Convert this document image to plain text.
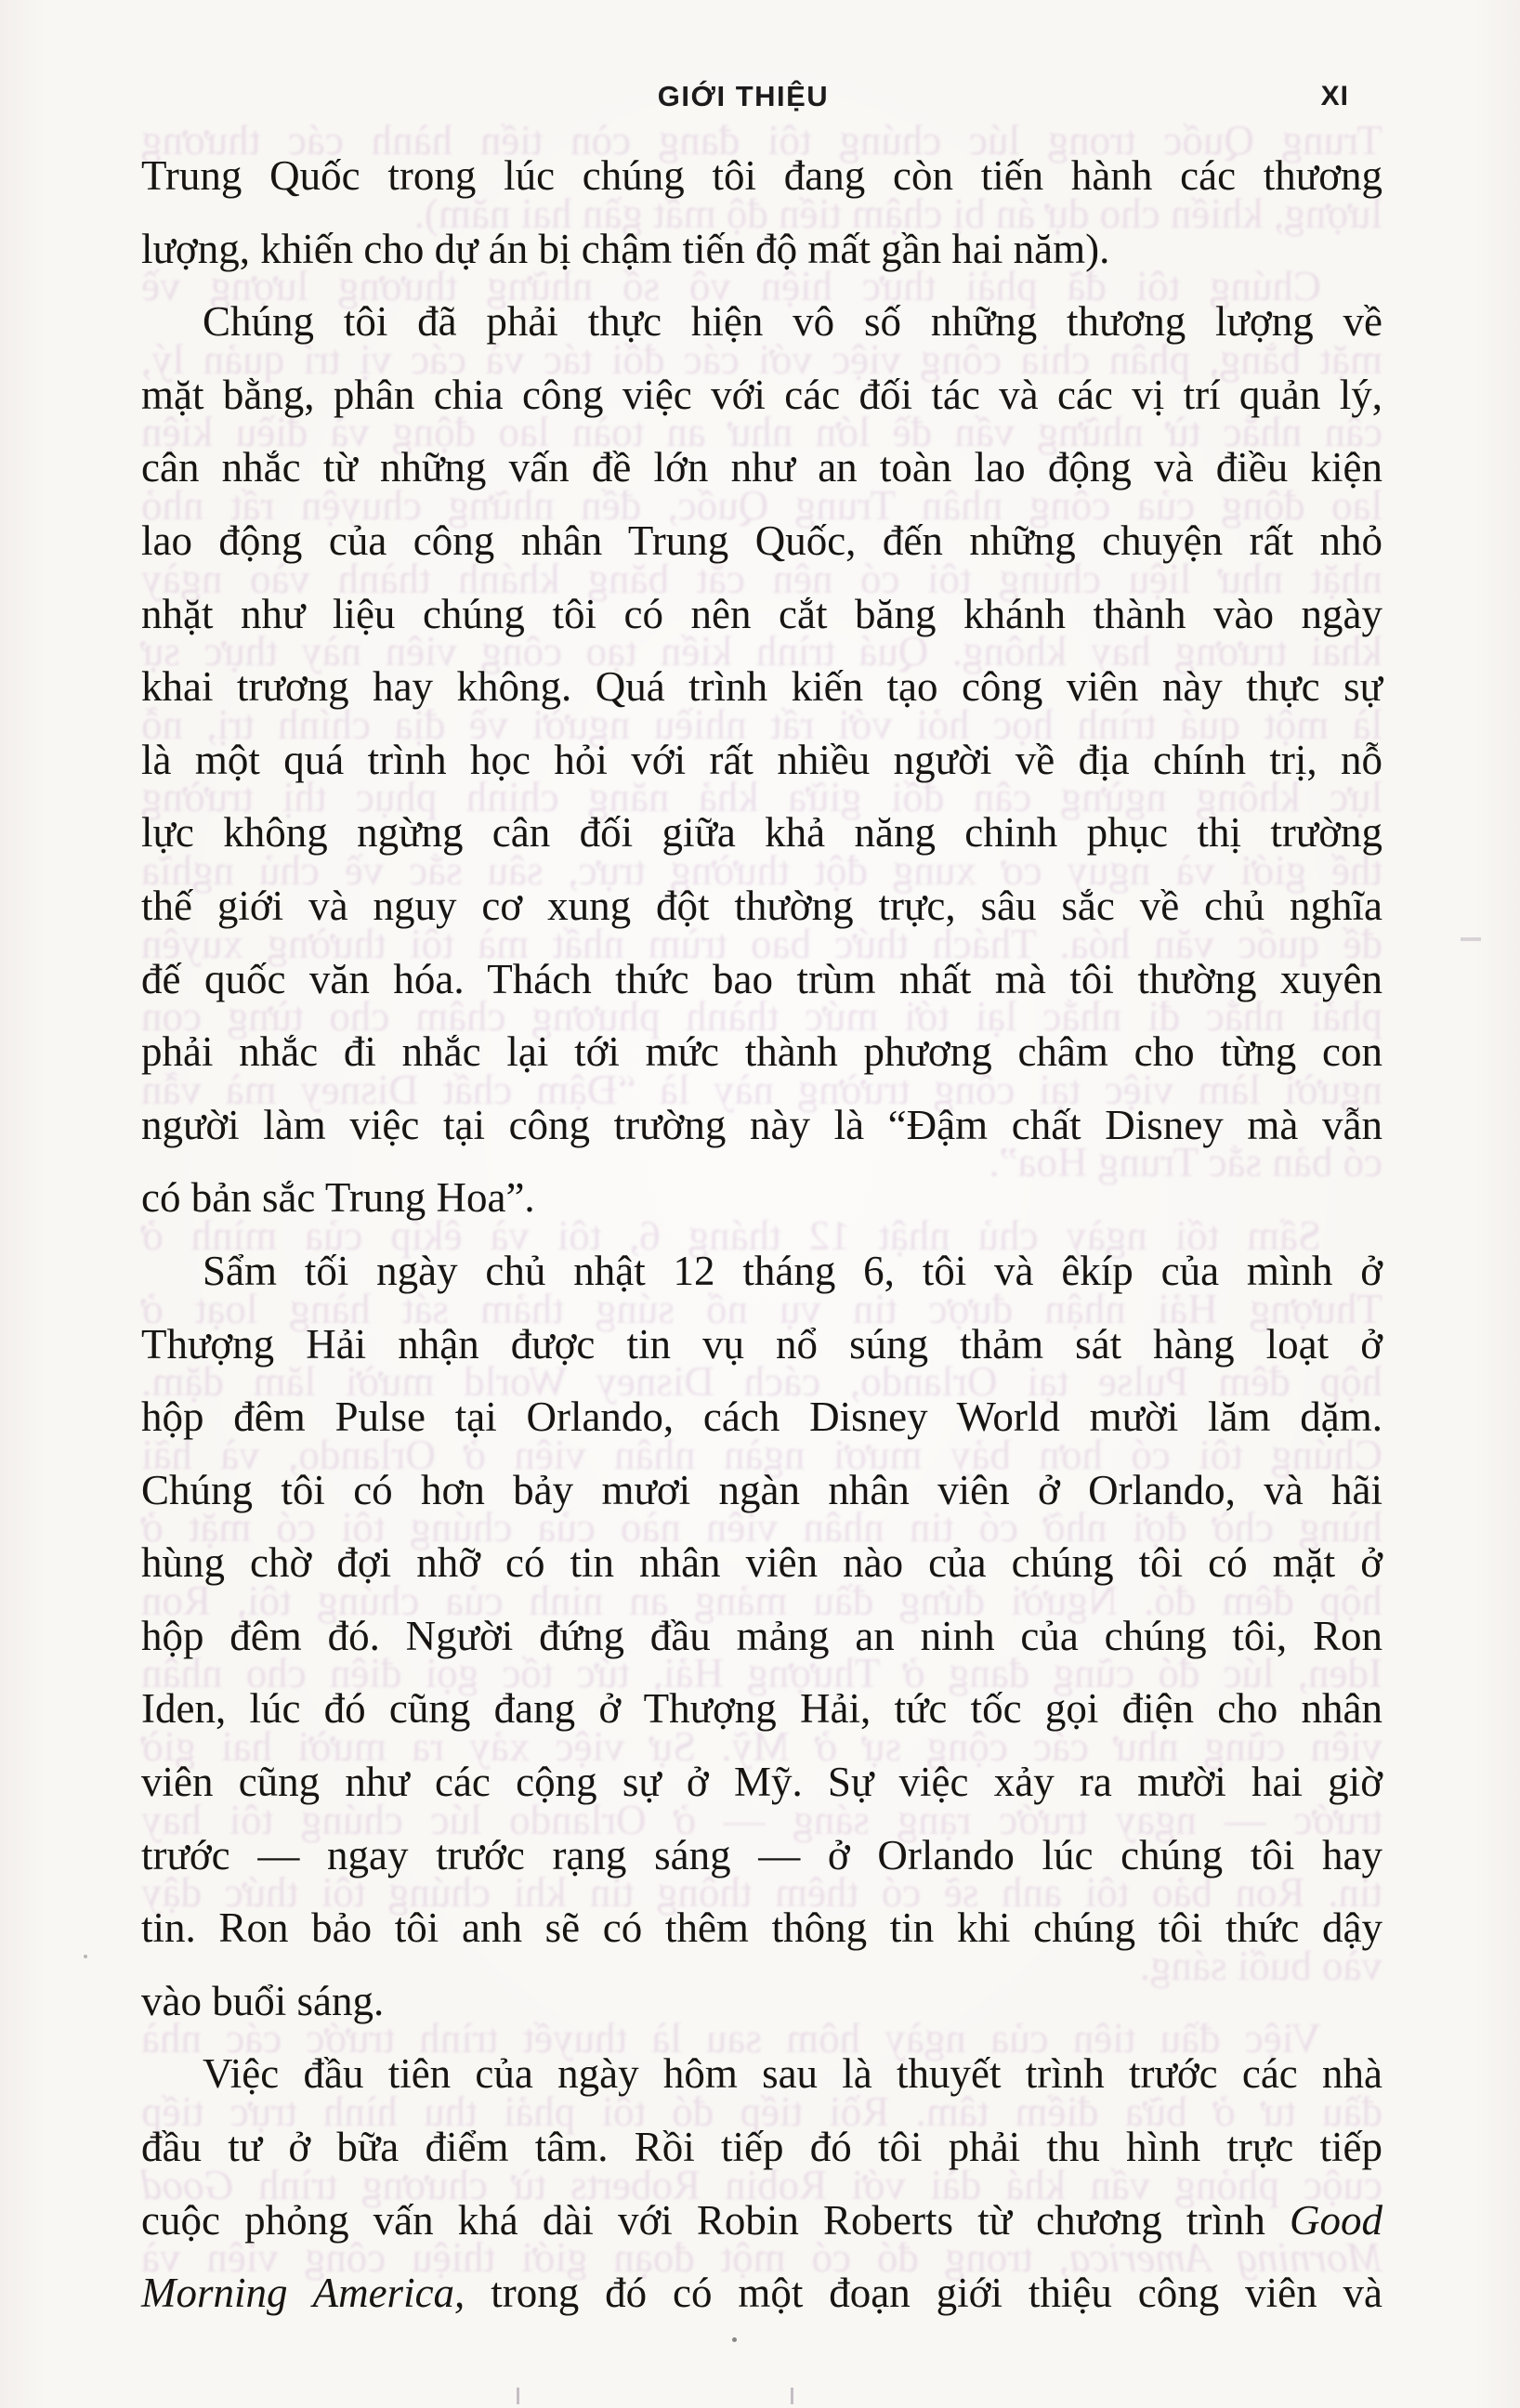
GIỚI THIỆU	XI
Trung Quốc trong lúc chúng tôi đang còn tiến hành các thương
lượng, khiến cho dự án bị chậm tiến độ mất gần hai năm).
Chúng tôi đã phải thực hiện vô số những thương lượng về
mặt bằng, phân chia công việc với các đối tác và các vị trí quản lý,
cân nhắc từ những vấn đề lớn như an toàn lao động và điều kiện
lao động của công nhân Trung Quốc, đến những chuyện rất nhỏ
nhặt như liệu chúng tôi có nên cắt băng khánh thành vào ngày
khai trương hay không. Quá trình kiến tạo công viên này thực sự
là một quá trình học hỏi với rất nhiều người về địa chính trị, nỗ
lực không ngừng cân đối giữa khả năng chinh phục thị trường
thế giới và nguy cơ xung đột thường trực, sâu sắc về chủ nghĩa
đế quốc văn hóa. Thách thức bao trùm nhất mà tôi thường xuyên
phải nhắc đi nhắc lại tới mức thành phương châm cho từng con
người làm việc tại công trường này là “Đậm chất Disney mà vẫn
có bản sắc Trung Hoa”.
Sẩm tối ngày chủ nhật 12 tháng 6, tôi và êkíp của mình ở
Thượng Hải nhận được tin vụ nổ súng thảm sát hàng loạt ở
hộp đêm Pulse tại Orlando, cách Disney World mười lăm dặm.
Chúng tôi có hơn bảy mươi ngàn nhân viên ở Orlando, và hãi
hùng chờ đợi nhỡ có tin nhân viên nào của chúng tôi có mặt ở
hộp đêm đó. Người đứng đầu mảng an ninh của chúng tôi, Ron
Iden, lúc đó cũng đang ở Thượng Hải, tức tốc gọi điện cho nhân
viên cũng như các cộng sự ở Mỹ. Sự việc xảy ra mười hai giờ
trước — ngay trước rạng sáng — ở Orlando lúc chúng tôi hay
tin. Ron bảo tôi anh sẽ có thêm thông tin khi chúng tôi thức dậy
vào buổi sáng.
Việc đầu tiên của ngày hôm sau là thuyết trình trước các nhà
đầu tư ở bữa điểm tâm. Rồi tiếp đó tôi phải thu hình trực tiếp
cuộc phỏng vấn khá dài với Robin Roberts từ chương trình Good
Morning America, trong đó có một đoạn giới thiệu công viên và
Trung Quốc trong lúc chúng tôi đang còn tiến hành các thương
lượng, khiến cho dự án bị chậm tiến độ mất gần hai năm).
Chúng tôi đã phải thực hiện vô số những thương lượng về
mặt bằng, phân chia công việc với các đối tác và các vị trí quản lý,
cân nhắc từ những vấn đề lớn như an toàn lao động và điều kiện
lao động của công nhân Trung Quốc, đến những chuyện rất nhỏ
nhặt như liệu chúng tôi có nên cắt băng khánh thành vào ngày
khai trương hay không. Quá trình kiến tạo công viên này thực sự
là một quá trình học hỏi với rất nhiều người về địa chính trị, nỗ
lực không ngừng cân đối giữa khả năng chinh phục thị trường
thế giới và nguy cơ xung đột thường trực, sâu sắc về chủ nghĩa
đế quốc văn hóa. Thách thức bao trùm nhất mà tôi thường xuyên
phải nhắc đi nhắc lại tới mức thành phương châm cho từng con
người làm việc tại công trường này là “Đậm chất Disney mà vẫn
có bản sắc Trung Hoa”.
Sẩm tối ngày chủ nhật 12 tháng 6, tôi và êkíp của mình ở
Thượng Hải nhận được tin vụ nổ súng thảm sát hàng loạt ở
hộp đêm Pulse tại Orlando, cách Disney World mười lăm dặm.
Chúng tôi có hơn bảy mươi ngàn nhân viên ở Orlando, và hãi
hùng chờ đợi nhỡ có tin nhân viên nào của chúng tôi có mặt ở
hộp đêm đó. Người đứng đầu mảng an ninh của chúng tôi, Ron
Iden, lúc đó cũng đang ở Thượng Hải, tức tốc gọi điện cho nhân
viên cũng như các cộng sự ở Mỹ. Sự việc xảy ra mười hai giờ
trước — ngay trước rạng sáng — ở Orlando lúc chúng tôi hay
tin. Ron bảo tôi anh sẽ có thêm thông tin khi chúng tôi thức dậy
vào buổi sáng.
Việc đầu tiên của ngày hôm sau là thuyết trình trước các nhà
đầu tư ở bữa điểm tâm. Rồi tiếp đó tôi phải thu hình trực tiếp
cuộc phỏng vấn khá dài với Robin Roberts từ chương trình Good
Morning America, trong đó có một đoạn giới thiệu công viên và
